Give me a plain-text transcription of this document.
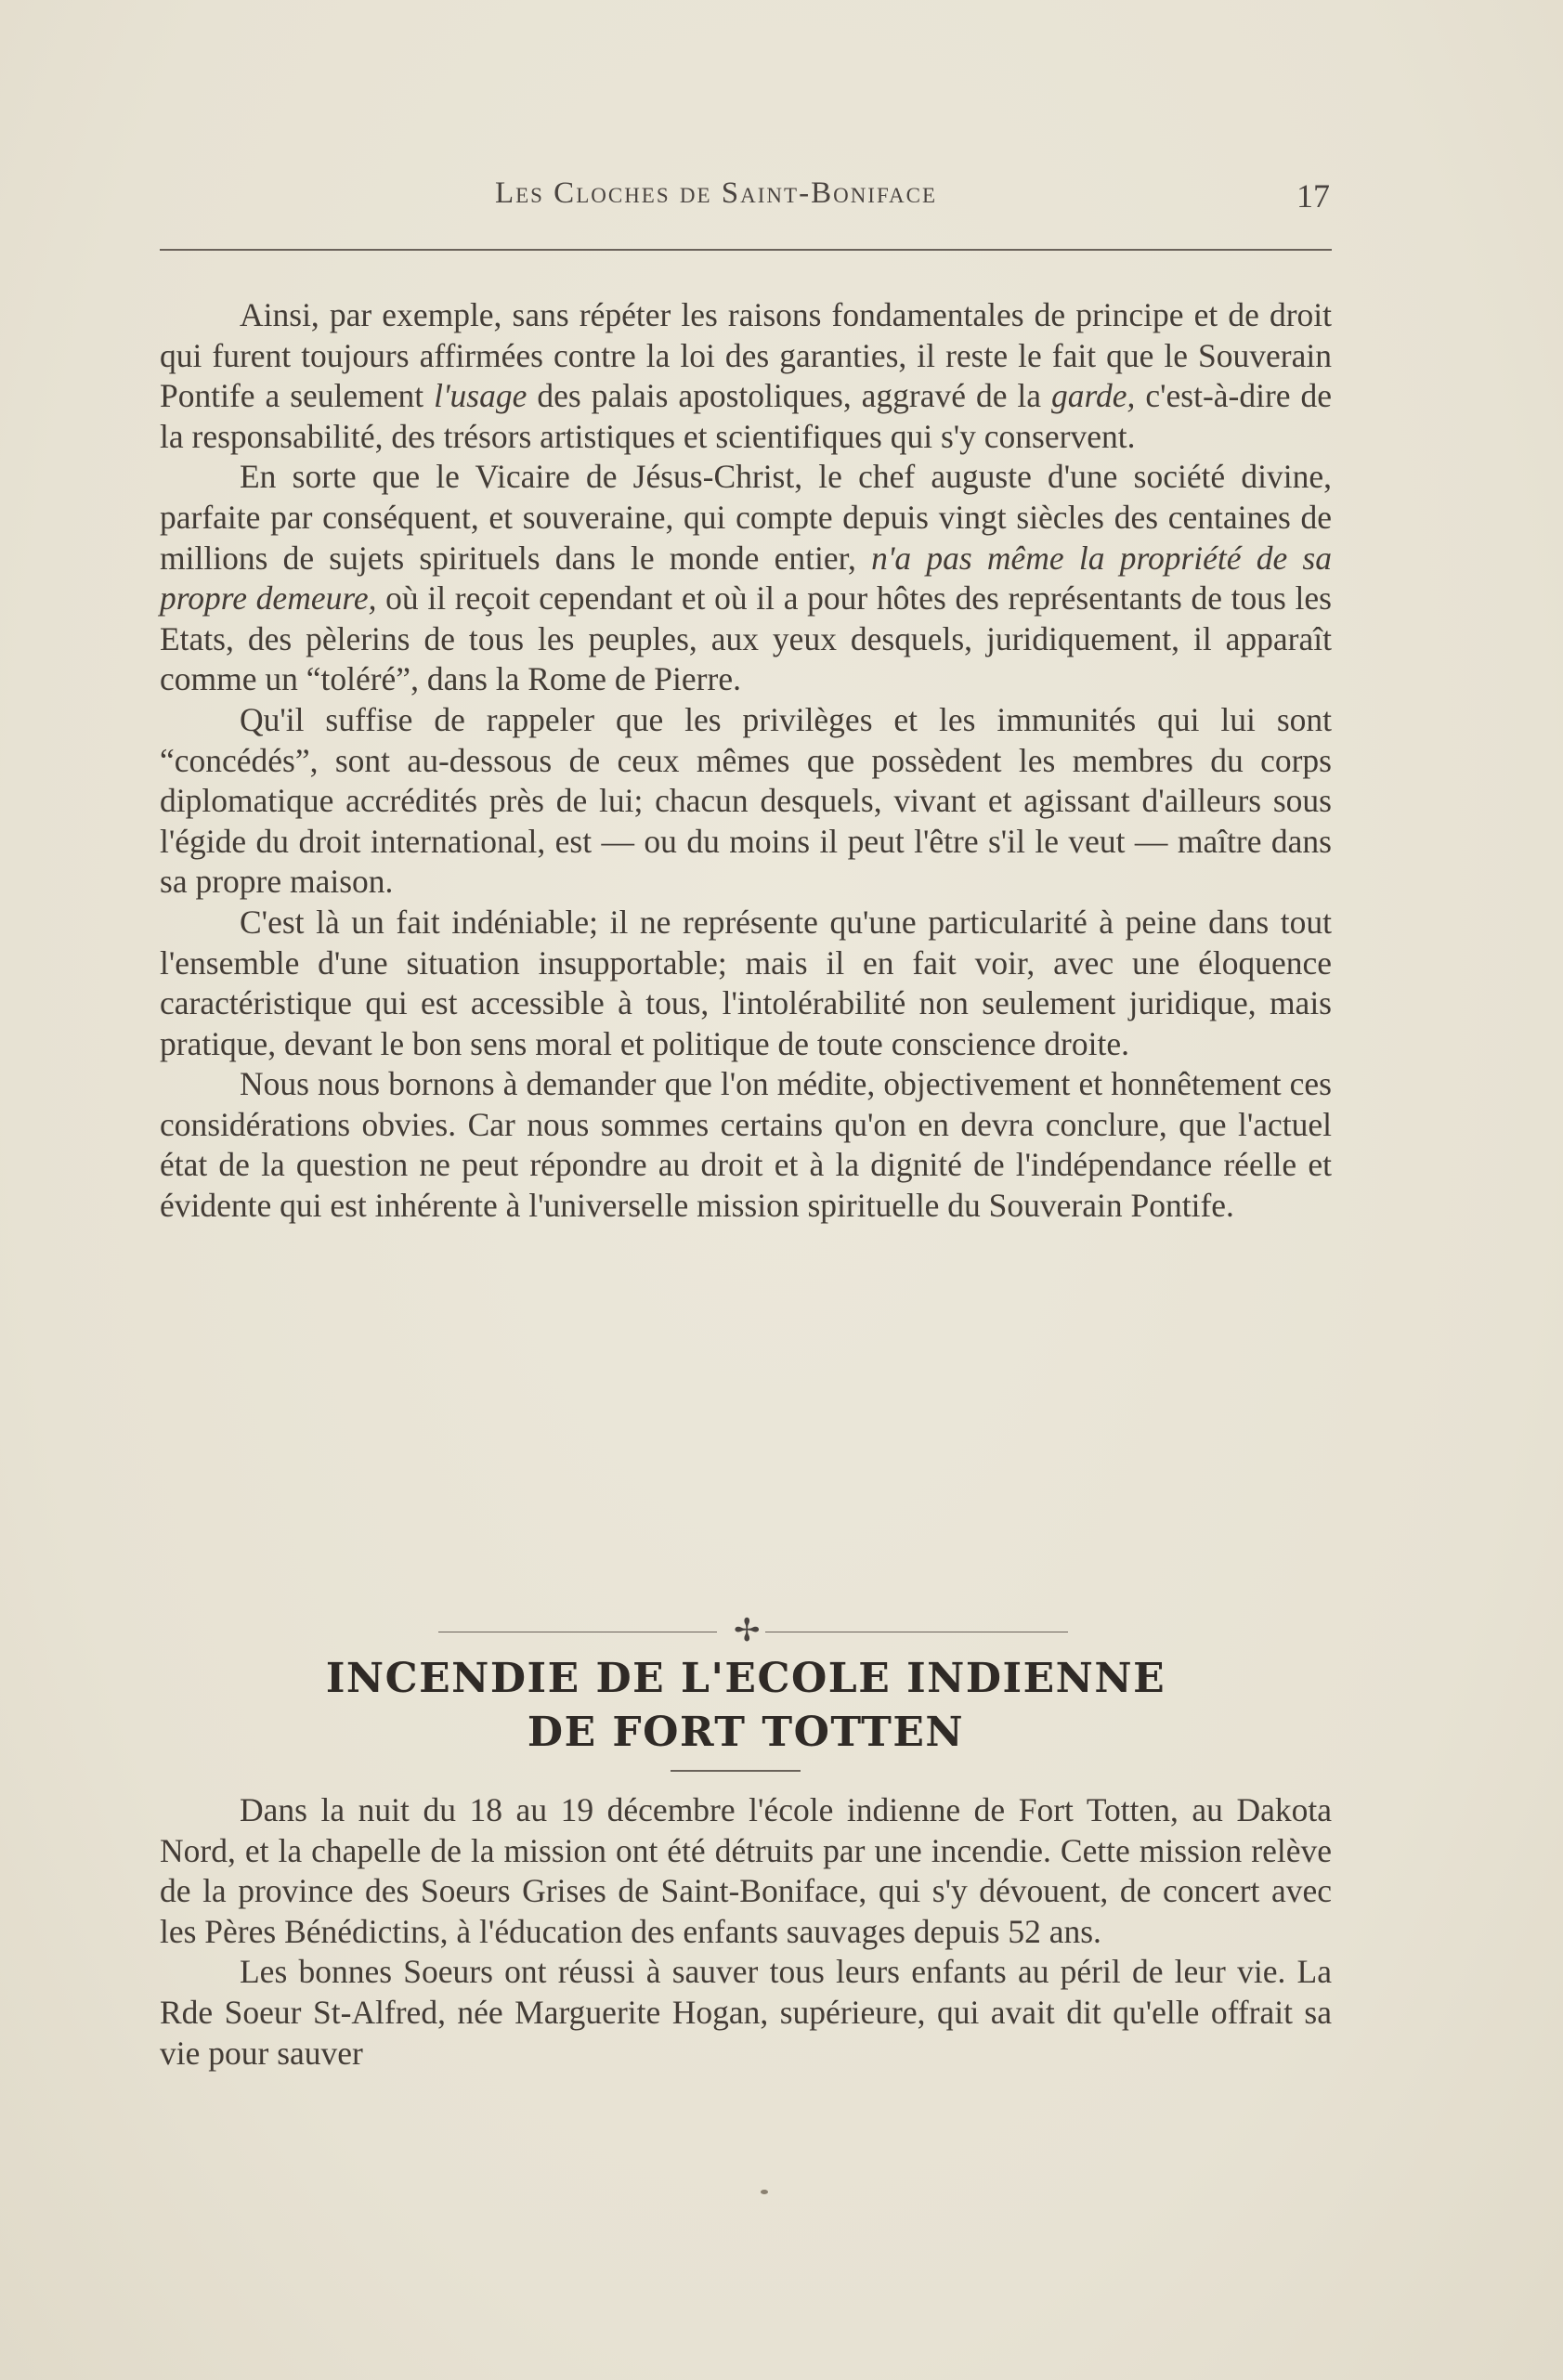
Les Cloches de Saint-Boniface	17

Ainsi, par exemple, sans répéter les raisons fondamentales de principe et de droit qui furent toujours affirmées contre la loi des garanties, il reste le fait que le Souverain Pontife a seulement l'usage des palais apostoliques, aggravé de la garde, c'est-à-dire de la responsabilité, des trésors artistiques et scientifiques qui s'y conservent.

En sorte que le Vicaire de Jésus-Christ, le chef auguste d'une société divine, parfaite par conséquent, et souveraine, qui compte depuis vingt siècles des centaines de millions de sujets spirituels dans le monde entier, n'a pas même la propriété de sa propre demeure, où il reçoit cependant et où il a pour hôtes des représentants de tous les Etats, des pèlerins de tous les peuples, aux yeux desquels, juridiquement, il apparaît comme un “toléré”, dans la Rome de Pierre.

Qu'il suffise de rappeler que les privilèges et les immunités qui lui sont “concédés”, sont au-dessous de ceux mêmes que possèdent les membres du corps diplomatique accrédités près de lui; chacun desquels, vivant et agissant d'ailleurs sous l'égide du droit international, est — ou du moins il peut l'être s'il le veut — maître dans sa propre maison.

C'est là un fait indéniable; il ne représente qu'une particularité à peine dans tout l'ensemble d'une situation insupportable; mais il en fait voir, avec une éloquence caractéristique qui est accessible à tous, l'intolérabilité non seulement juridique, mais pratique, devant le bon sens moral et politique de toute conscience droite.

Nous nous bornons à demander que l'on médite, objectivement et honnêtement ces considérations obvies. Car nous sommes certains qu'on en devra conclure, que l'actuel état de la question ne peut répondre au droit et à la dignité de l'indépendance réelle et évidente qui est inhérente à l'universelle mission spirituelle du Souverain Pontife.

✢
INCENDIE DE L'ECOLE INDIENNE
DE FORT TOTTEN

Dans la nuit du 18 au 19 décembre l'école indienne de Fort Totten, au Dakota Nord, et la chapelle de la mission ont été détruits par une incendie. Cette mission relève de la province des Soeurs Grises de Saint-Boniface, qui s'y dévouent, de concert avec les Pères Bénédictins, à l'éducation des enfants sauvages depuis 52 ans.

Les bonnes Soeurs ont réussi à sauver tous leurs enfants au péril de leur vie. La Rde Soeur St-Alfred, née Marguerite Hogan, supérieure, qui avait dit qu'elle offrait sa vie pour sauver
